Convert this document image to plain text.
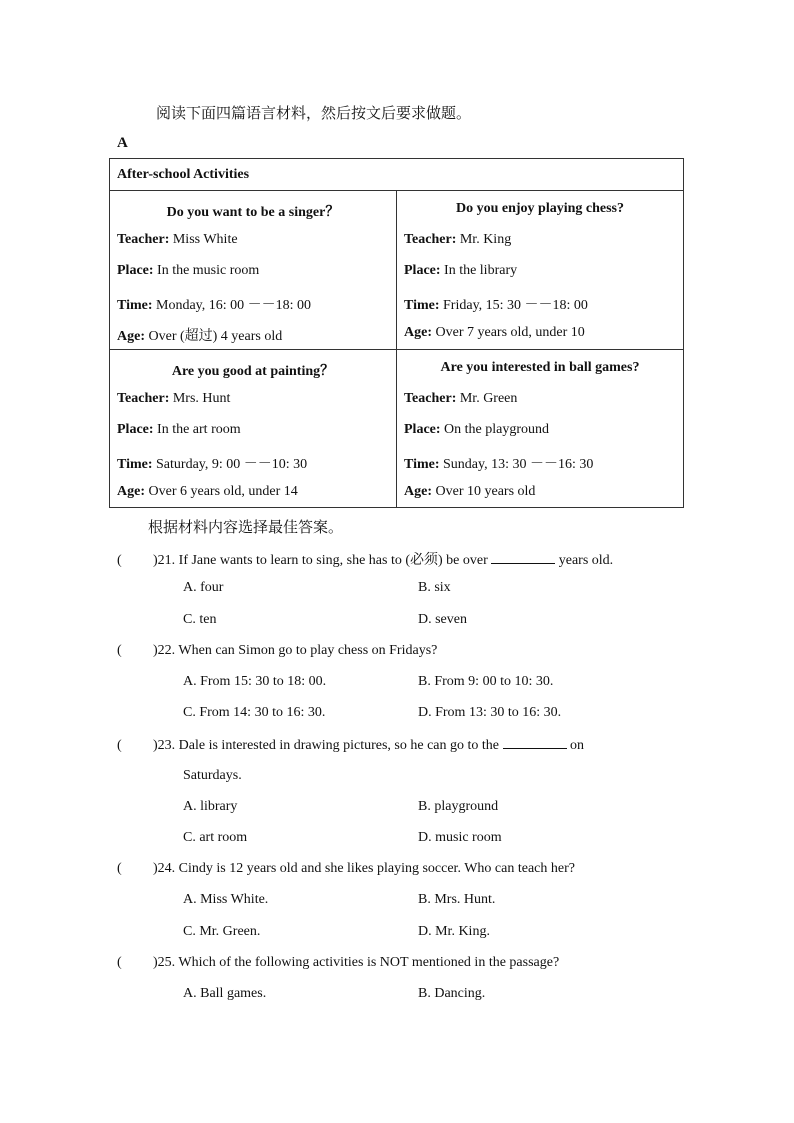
阅读下面四篇语言材料，然后按文后要求做题。
A
After-school Activities
Do you want to be a singer？
Teacher: Miss White
Place: In the music room
Time: Monday, 16: 00 －－18: 00
Age: Over (超过) 4 years old
Do you enjoy playing chess?
Teacher: Mr. King
Place: In the library
Time: Friday, 15: 30 －－18: 00
Age: Over 7 years old, under 10
Are you good at painting？
Teacher: Mrs. Hunt
Place: In the art room
Time: Saturday, 9: 00 －－10: 30
Age: Over 6 years old, under 14
Are you interested in ball games?
Teacher: Mr. Green
Place: On the playground
Time: Sunday, 13: 30 －－16: 30
Age: Over 10 years old
根据材料内容选择最佳答案。
( )21. If Jane wants to learn to sing, she has to (必须) be over	years old.
A. four	B. six
C. ten	D. seven
( )22. When can Simon go to play chess on Fridays?
A. From 15: 30 to 18: 00.	B. From 9: 00 to 10: 30.
C. From 14: 30 to 16: 30.	D. From 13: 30 to 16: 30.
( )23. Dale is interested in drawing pictures, so he can go to the	on
Saturdays.
A. library	B. playground
C. art room	D. music room
( )24. Cindy is 12 years old and she likes playing soccer. Who can teach her?
A. Miss White.	B. Mrs. Hunt.
C. Mr. Green.	D. Mr. King.
( )25. Which of the following activities is NOT mentioned in the passage?
A. Ball games.	B. Dancing.
